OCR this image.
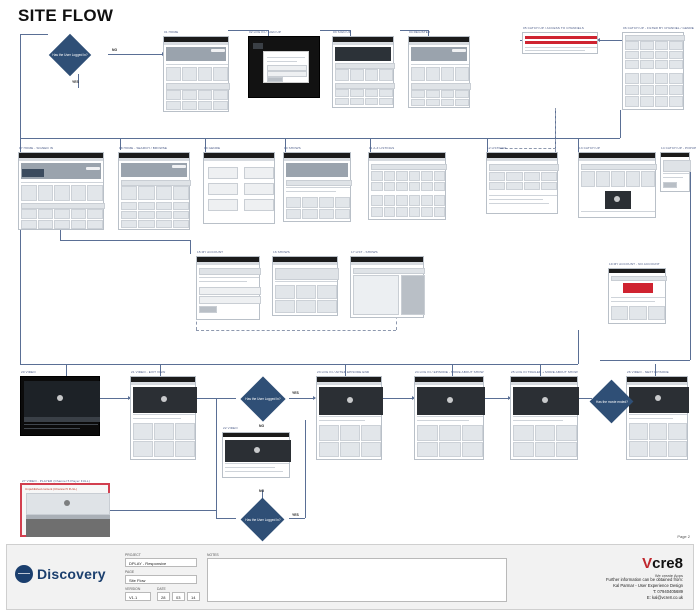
SITE FLOW
01 HOME	02 LOG IN / SIGN UP	03 SIGN UP	04 REGISTER
05 CATCH UP / ACCESS TO CHANNELS	06 CATCH UP - FILTER BY CHANNEL / GENRE
Has the User Logged In?
NO
YES
07 HOME - SIGNED IN	08 HOME - SEARCH / BROWSE	09 GENRE	10 SHOWS	11 A-Z LISTINGS	12 LISTINGS	13 CATCH UP	14 CATCH UP - POPUP
15 MY ACCOUNT	16 SHOWS	17 LIST - SHOWS
19 MY ACCOUNT - NO ACCOUNT
20 VIDEO	21 VIDEO - EXIT VIEW
22 VIDEO
23 LOG IN / AFTER EPISODE END	24 LOG IN / EPISODE - MORE ABOUT SHOW	25 LOG IN TRAILER + MORE ABOUT SHOW	26 VIDEO - NEXT EPISODE
Unpublished content (Channel 5 FULL)
27 VIDEO - PLAYER (Channel 5 Player FULL)
Has the User Logged In?
YES
NO
Has the movie ended?
Has the User Logged In?
YES
NO
Page 2
Discovery
PROJECT
DPLAY - Responsive
PAGE
Site Flow
VERSION
V1.1
DATE
28	03	14
NOTES	Vcre8
We create Apps
Further information can be obtained from:
Kal Parmar - User Experience Design
T: 07940405689
E: kal@vcre8.co.uk
